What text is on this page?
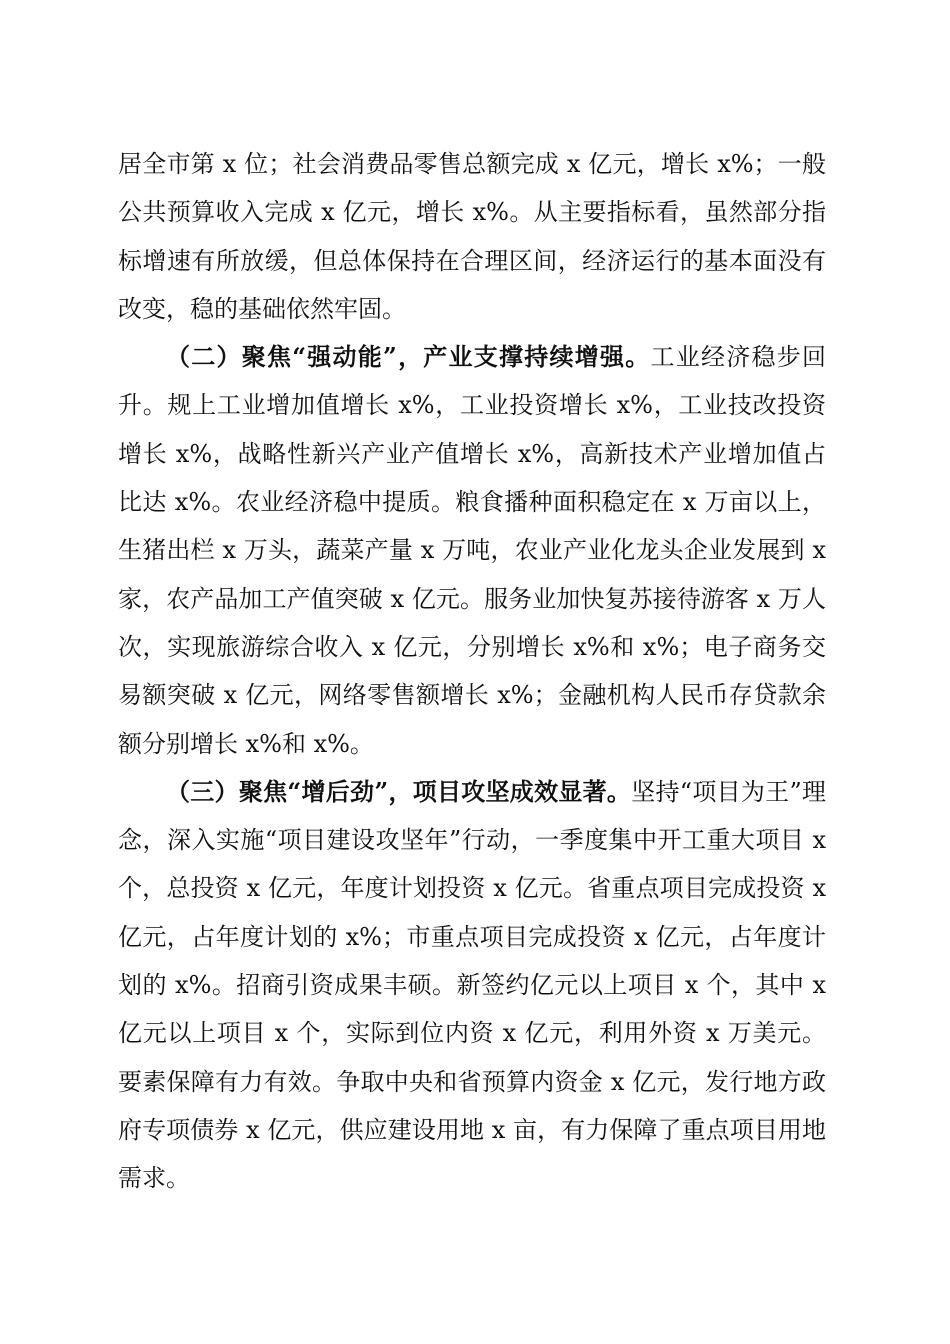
居全市第 x 位；社会消费品零售总额完成 x 亿元，增长 x%；一般公共预算收入完成 x 亿元，增长 x%。从主要指标看，虽然部分指标增速有所放缓，但总体保持在合理区间，经济运行的基本面没有改变，稳的基础依然牢固。

（二）聚焦“强动能”，产业支撑持续增强。工业经济稳步回升。规上工业增加值增长 x%，工业投资增长 x%，工业技改投资增长 x%，战略性新兴产业产值增长 x%，高新技术产业增加值占比达 x%。农业经济稳中提质。粮食播种面积稳定在 x 万亩以上，生猪出栏 x 万头，蔬菜产量 x 万吨，农业产业化龙头企业发展到 x 家，农产品加工产值突破 x 亿元。服务业加快复苏接待游客 x 万人次，实现旅游综合收入 x 亿元，分别增长 x%和 x%；电子商务交易额突破 x 亿元，网络零售额增长 x%；金融机构人民币存贷款余额分别增长 x%和 x%。

（三）聚焦“增后劲”，项目攻坚成效显著。坚持“项目为王”理念，深入实施“项目建设攻坚年”行动，一季度集中开工重大项目 x 个，总投资 x 亿元，年度计划投资 x 亿元。省重点项目完成投资 x 亿元，占年度计划的 x%；市重点项目完成投资 x 亿元，占年度计划的 x%。招商引资成果丰硕。新签约亿元以上项目 x 个，其中 x 亿元以上项目 x 个，实际到位内资 x 亿元，利用外资 x 万美元。要素保障有力有效。争取中央和省预算内资金 x 亿元，发行地方政府专项债券 x 亿元，供应建设用地 x 亩，有力保障了重点项目用地需求。
